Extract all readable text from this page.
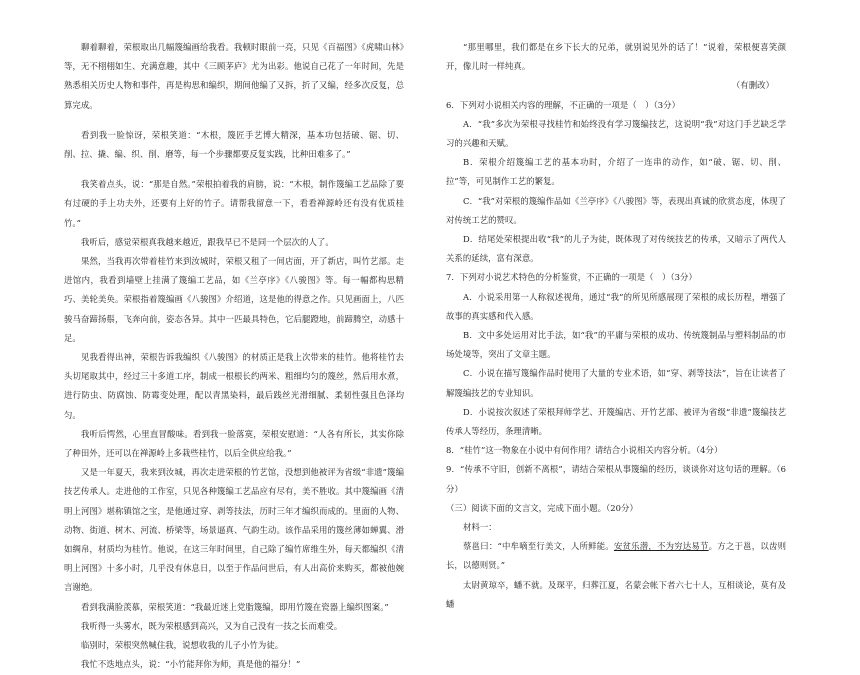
聊着聊着，荣根取出几幅篾编画给我看。我顿时眼前一亮，只见《百福图》《虎啸山林》等，无不栩栩如生、充满意趣，其中《三顾茅庐》尤为出彩。他说自己花了一年时间，先是熟悉相关历史人物和事件，再是构思和编织，期间他编了又拆，折了又编，经多次反复，总算完成。

看到我一脸惊讶，荣根笑道：“木根，篾匠手艺博大精深，基本功包括破、锯、切、削、拉、撬、编、织、削、磨等，每一个步骤都要反复实践，比种田难多了。”

我笑着点头，说：“那是自然。”荣根拍着我的肩膀，说：“木根，制作篾编工艺品除了要有过硬的手上功夫外，还要有上好的竹子。请帮我留意一下，看看禅源岭还有没有优质桂竹。”

我听后，感觉荣根真我越来越近，跟我早已不是同一个层次的人了。

果然，当我再次带着桂竹来到汝城时，荣根又租了一间店面，开了新店，叫竹艺部。走进馆内，我看到墙壁上挂满了篾编工艺品，如《兰亭序》《八骏图》等。每一幅都构思精巧、美轮美奂。荣根指着篾编画《八骏图》介绍道，这是他的得意之作。只见画面上，八匹骏马奋蹄扬鬃，飞奔向前，姿态各异。其中一匹最具特色，它后腿蹬地，前蹄腾空，动感十足。

见我看得出神，荣根告诉我编织《八骏图》的材质正是我上次带来的桂竹。他将桂竹去头切尾取其中，经过三十多道工序，制成一根根长约两米、粗细均匀的篾丝，然后用水煮，进行防虫、防腐蚀、防霉变处理，配以青黑染料，最后践丝光滑细腻、柔韧性强且色泽均匀。

我听后愕然，心里直冒酸味。看到我一脸落寞，荣根安慰道：“人各有所长，其实你除了种田外，还可以在禅源岭上多栽些桂竹，以后全供应给我。”

又是一年夏天，我来到汝城，再次走进荣根的竹艺馆，没想到他被评为省级“非遗”篾编技艺传承人。走进他的工作室，只见各种篾编工艺品应有尽有，美不胜收。其中篾编画《清明上河图》堪称镇馆之宝，是他通过穿、剥等技法，历时三年才编织而成的。里面的人物、动物、街道、树木、河流、桥梁等，场景逼真、气韵生动。该作品采用的篾丝薄如蝉翼、滑如绸帛，材质均为桂竹。他说，在这三年时间里，自己除了编竹席维生外，每天都编织《清明上河图》十多小时，几乎没有休息日，以至于作品问世后，有人出高价来购买，都被他婉言谢绝。

看到我满脸羡慕，荣根笑道：“我最近迷上党脂篾编，即用竹篾在瓷器上编织图案。”

我听得一头雾水，既为荣根感到高兴，又为自己没有一技之长而难受。

临别时，荣根突然喊住我，说想收我的儿子小竹为徒。

我忙不迭地点头，说：“小竹能拜你为师，真是他的福分！”

“那里哪里，我们都是在乡下长大的兄弟，就别说见外的话了！”说着，荣根便喜笑颜开，像儿时一样纯真。

（有删改）

6．下列对小说相关内容的理解，不正确的一项是（　）（3分）

A．“我”多次为荣根寻找桂竹和始终没有学习篾编技艺，这说明“我”对这门手艺缺乏学习的兴趣和天赋。

B．荣根介绍篾编工艺的基本功时，介绍了一连串的动作，如“破、锯、切、削、拉”等，可见制作工艺的繁复。

C．“我”对荣根的篾编作品如《兰亭序》《八骏图》等，表现出真诚的欣赏态度，体现了对传统工艺的赞叹。

D．结尾处荣根提出收“我”的儿子为徒，既体现了对传统技艺的传承，又暗示了两代人关系的延续，富有深意。

7．下列对小说艺术特色的分析鉴赏，不正确的一项是（　）（3分）

A．小说采用第一人称叙述视角，通过“我”的所见所感展现了荣根的成长历程，增强了故事的真实感和代入感。

B．文中多处运用对比手法，如“我”的平庸与荣根的成功、传统篾制品与塑料制品的市场处境等，突出了文章主题。

C．小说在描写篾编作品时使用了大量的专业术语，如“穿、剥等技法”，旨在让读者了解篾编技艺的专业知识。

D．小说按次叙述了荣根拜师学艺、开篾编店、开竹艺部、被评为省级“非遗”篾编技艺传承人等经历，条理清晰。

8．“桂竹”这一物象在小说中有何作用？请结合小说相关内容分析。（4分）

9．“传承不守旧，创新不离根”，请结合荣根从事篾编的经历，谈谈你对这句话的理解。（6分）

（三）阅读下面的文言文，完成下面小题。（20分）

材料一：

蔡邕曰：“中牟嘀至行美文，人所鲜能。安贫乐潜，不为穷达易节。方之于邕，以齿则长，以德则贤。”

太尉黄琼卒，蟠不就。及琛平，归葬江夏，名蒙会帐下者六七十人，互相谈论，莫有及蟠
